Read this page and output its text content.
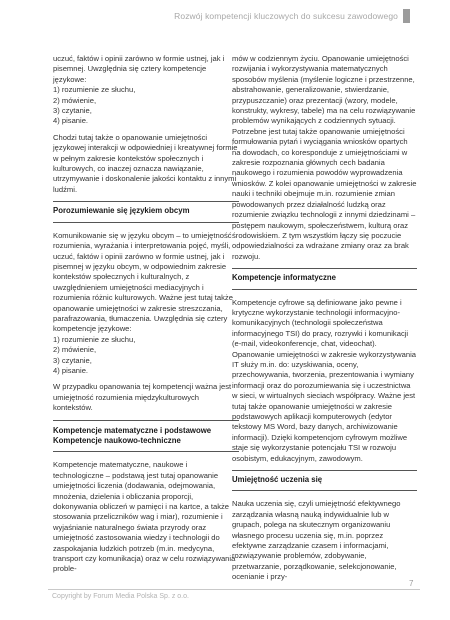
Rozwój kompetencji kluczowych do sukcesu zawodowego

uczuć, faktów i opinii zarówno w formie ustnej, jak i pisemnej. Uwzględnia się cztery kompetencje językowe:

1) rozumienie ze słuchu,
2) mówienie,
3) czytanie,
4) pisanie.

Chodzi tutaj także o opanowanie umiejętności językowej interakcji w odpowiedniej i kreatywnej formie w pełnym zakresie kontekstów społecznych i kulturowych, co inaczej oznacza nawiązanie, utrzymywanie i doskonalenie jakości kontaktu z innymi ludźmi.

Porozumiewanie się językiem obcym

Komunikowanie się w języku obcym – to umiejętność rozumienia, wyrażania i interpretowania pojęć, myśli, uczuć, faktów i opinii zarówno w formie ustnej, jak i pisemnej w języku obcym, w odpowiednim zakresie kontekstów społecznych i kulturalnych, z uwzględnieniem umiejętności mediacyjnych i rozumienia różnic kulturowych. Ważne jest tutaj także opanowanie umiejętności w zakresie streszczania, parafrazowania, tłumaczenia. Uwzględnia się cztery kompetencje językowe:

1) rozumienie ze słuchu,
2) mówienie,
3) czytanie,
4) pisanie.

W przypadku opanowania tej kompetencji ważna jest umiejętność rozumienia międzykulturowych kontekstów.

Kompetencje matematyczne i podstawowe
Kompetencje naukowo-techniczne

Kompetencje matematyczne, naukowe i technologiczne – podstawą jest tutaj opanowanie umiejętności liczenia (dodawania, odejmowania, mnożenia, dzielenia i obliczania proporcji, dokonywania obliczeń w pamięci i na kartce, a także stosowania przeliczników wag i miar), rozumienie i wyjaśnianie naturalnego świata przyrody oraz umiejętność zastosowania wiedzy i technologii do zaspokajania ludzkich potrzeb (m.in. medycyna, transport czy komunikacja) oraz w celu rozwiązywania proble-

mów w codziennym życiu. Opanowanie umiejętności rozwijania i wykorzystywania matematycznych sposobów myślenia (myślenie logiczne i przestrzenne, abstrahowanie, generalizowanie, stwierdzanie, przypuszczanie) oraz prezentacji (wzory, modele, konstrukty, wykresy, tabele) ma na celu rozwiązywanie problemów wynikających z codziennych sytuacji. Potrzebne jest tutaj także opanowanie umiejętności formułowania pytań i wyciągania wniosków opartych na dowodach, co koresponduje z umiejętnościami w zakresie rozpoznania głównych cech badania naukowego i rozumienia powodów wyprowadzenia wniosków. Z kolei opanowanie umiejętności w zakresie nauki i techniki obejmuje m.in. rozumienie zmian powodowanych przez działalność ludzką oraz rozumienie związku technologii z innymi dziedzinami – postępem naukowym, społeczeństwem, kulturą oraz środowiskiem. Z tym wszystkim łączy się poczucie odpowiedzialności za wdrażane zmiany oraz za brak rozwoju.

Kompetencje informatyczne

Kompetencje cyfrowe są definiowane jako pewne i krytyczne wykorzystanie technologii informacyjno-komunikacyjnych (technologii społeczeństwa informacyjnego TSI) do pracy, rozrywki i komunikacji (e-mail, videokonferencje, chat, videochat). Opanowanie umiejętności w zakresie wykorzystywania IT służy m.in. do: uzyskiwania, oceny, przechowywania, tworzenia, prezentowania i wymiany informacji oraz do porozumiewania się i uczestnictwa w sieci, w wirtualnych sieciach współpracy. Ważne jest tutaj także opanowanie umiejętności w zakresie podstawowych aplikacji komputerowych (edytor tekstowy MS Word, bazy danych, archiwizowanie informacji). Dzięki kompetencjom cyfrowym możliwe staje się wykorzystanie potencjału TSI w rozwoju osobistym, edukacyjnym, zawodowym.

Umiejętność uczenia się

Nauka uczenia się, czyli umiejętność efektywnego zarządzania własną nauką indywidualnie lub w grupach, polega na skutecznym organizowaniu własnego procesu uczenia się, m.in. poprzez efektywne zarządzanie czasem i informacjami, rozwiązywanie problemów, zdobywanie, przetwarzanie, porządkowanie, selekcjonowanie, ocenianie i przy-

7
Copyright by Forum Media Polska Sp. z o.o.
